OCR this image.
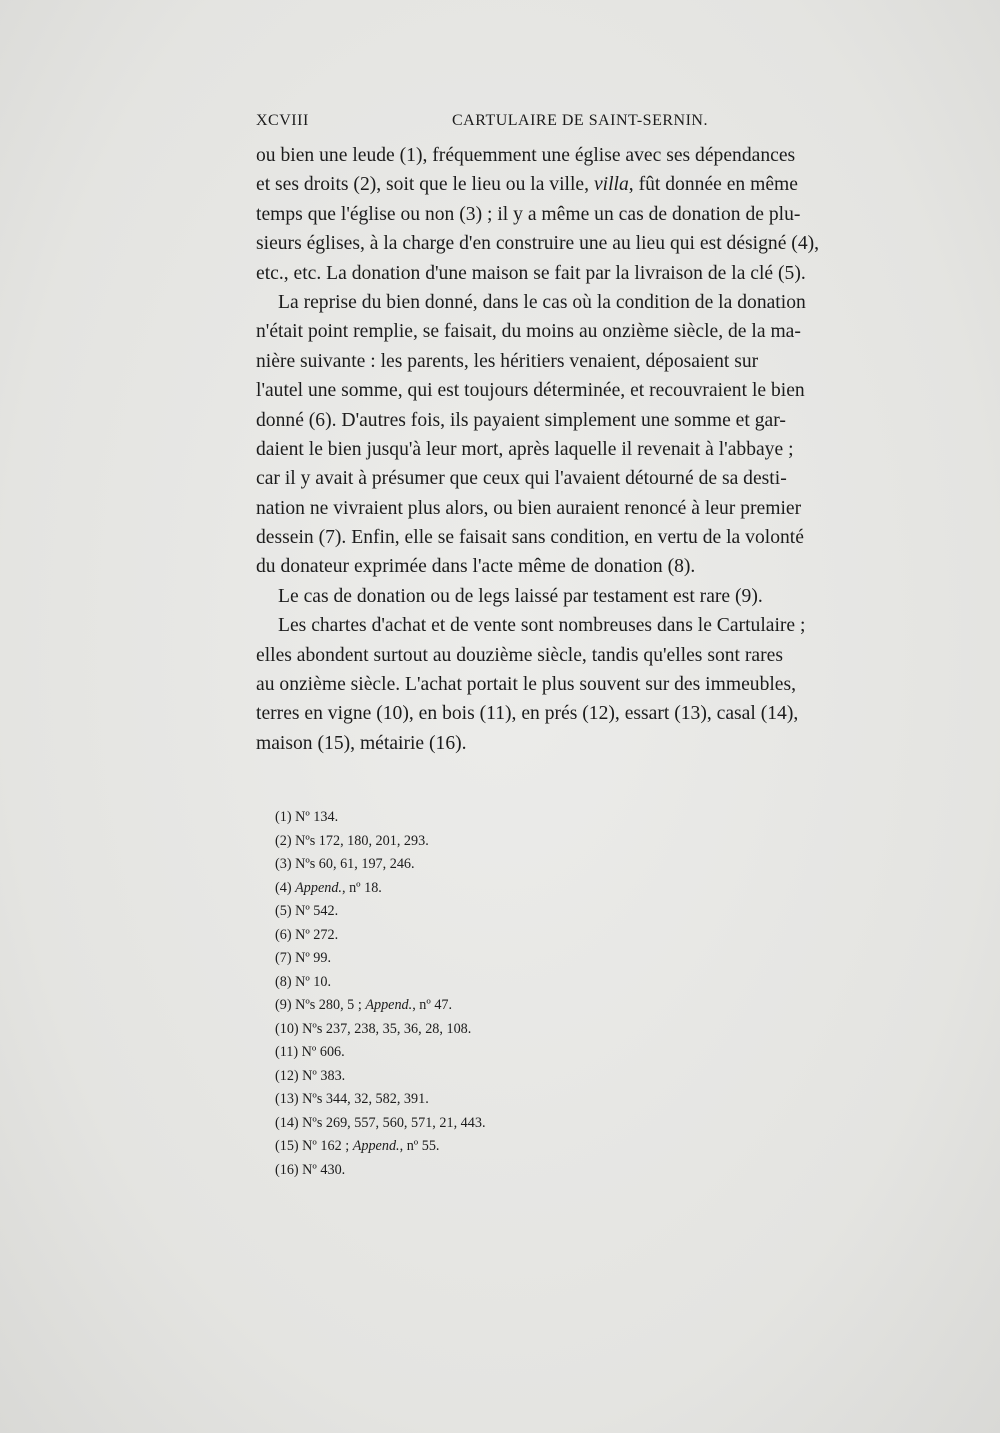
XCVIII	CARTULAIRE DE SAINT-SERNIN.
ou bien une leude (1), fréquemment une église avec ses dépendances
et ses droits (2), soit que le lieu ou la ville, villa, fût donnée en même
temps que l'église ou non (3) ; il y a même un cas de donation de plu-
sieurs églises, à la charge d'en construire une au lieu qui est désigné (4),
etc., etc. La donation d'une maison se fait par la livraison de la clé (5).
La reprise du bien donné, dans le cas où la condition de la donation
n'était point remplie, se faisait, du moins au onzième siècle, de la ma-
nière suivante : les parents, les héritiers venaient, déposaient sur
l'autel une somme, qui est toujours déterminée, et recouvraient le bien
donné (6). D'autres fois, ils payaient simplement une somme et gar-
daient le bien jusqu'à leur mort, après laquelle il revenait à l'abbaye ;
car il y avait à présumer que ceux qui l'avaient détourné de sa desti-
nation ne vivraient plus alors, ou bien auraient renoncé à leur premier
dessein (7). Enfin, elle se faisait sans condition, en vertu de la volonté
du donateur exprimée dans l'acte même de donation (8).
Le cas de donation ou de legs laissé par testament est rare (9).
Les chartes d'achat et de vente sont nombreuses dans le Cartulaire ;
elles abondent surtout au douzième siècle, tandis qu'elles sont rares
au onzième siècle. L'achat portait le plus souvent sur des immeubles,
terres en vigne (10), en bois (11), en prés (12), essart (13), casal (14),
maison (15), métairie (16).
(1) Nº 134.
(2) Nºs 172, 180, 201, 293.
(3) Nºs 60, 61, 197, 246.
(4) Append., nº 18.
(5) Nº 542.
(6) Nº 272.
(7) Nº 99.
(8) Nº 10.
(9) Nºs 280, 5 ; Append., nº 47.
(10) Nºs 237, 238, 35, 36, 28, 108.
(11) Nº 606.
(12) Nº 383.
(13) Nºs 344, 32, 582, 391.
(14) Nºs 269, 557, 560, 571, 21, 443.
(15) Nº 162 ; Append., nº 55.
(16) Nº 430.
